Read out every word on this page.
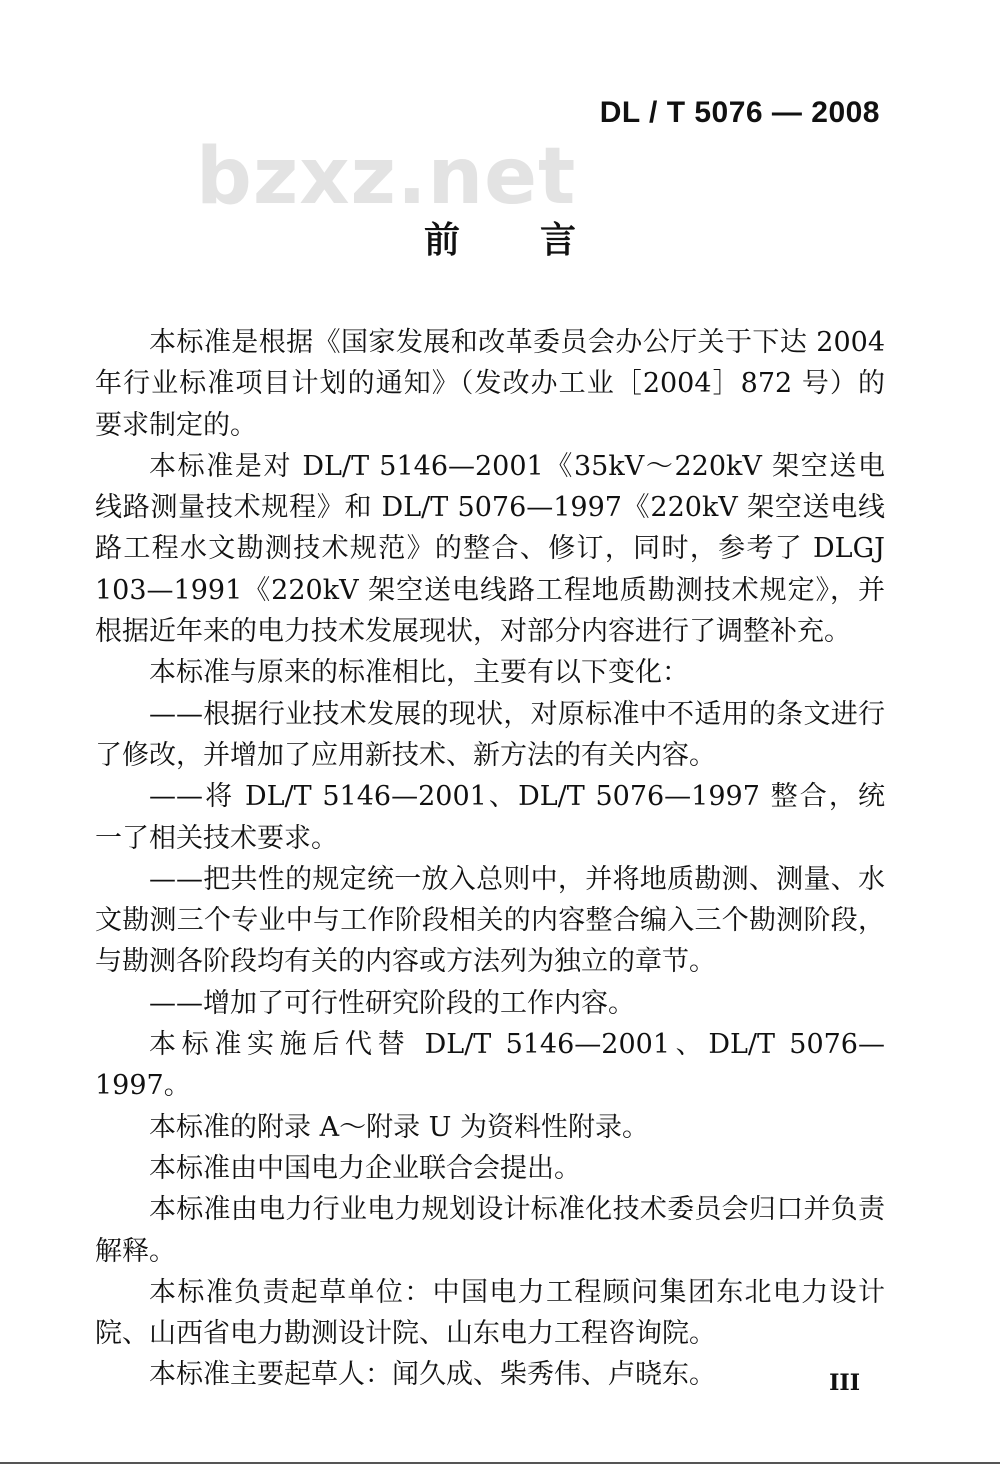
DL / T 5076 — 2008
bzxz.net
前 言

本标准是根据《国家发展和改革委员会办公厅关于下达 2004 年行业标准项目计划的通知》（发改办工业［2004］872 号）的要求制定的。

本标准是对 DL/T 5146—2001《35kV～220kV 架空送电线路测量技术规程》和 DL/T 5076—1997《220kV 架空送电线路工程水文勘测技术规范》的整合、修订，同时，参考了 DLGJ 103—1991《220kV 架空送电线路工程地质勘测技术规定》，并根据近年来的电力技术发展现状，对部分内容进行了调整补充。

本标准与原来的标准相比，主要有以下变化：

——根据行业技术发展的现状，对原标准中不适用的条文进行了修改，并增加了应用新技术、新方法的有关内容。

——将 DL/T 5146—2001、DL/T 5076—1997 整合，统一了相关技术要求。

——把共性的规定统一放入总则中，并将地质勘测、测量、水文勘测三个专业中与工作阶段相关的内容整合编入三个勘测阶段，与勘测各阶段均有关的内容或方法列为独立的章节。

——增加了可行性研究阶段的工作内容。

本标准实施后代替 DL/T 5146—2001、DL/T 5076—1997。

本标准的附录 A～附录 U 为资料性附录。

本标准由中国电力企业联合会提出。

本标准由电力行业电力规划设计标准化技术委员会归口并负责解释。

本标准负责起草单位：中国电力工程顾问集团东北电力设计院、山西省电力勘测设计院、山东电力工程咨询院。

本标准主要起草人：闻久成、柴秀伟、卢晓东。	III
